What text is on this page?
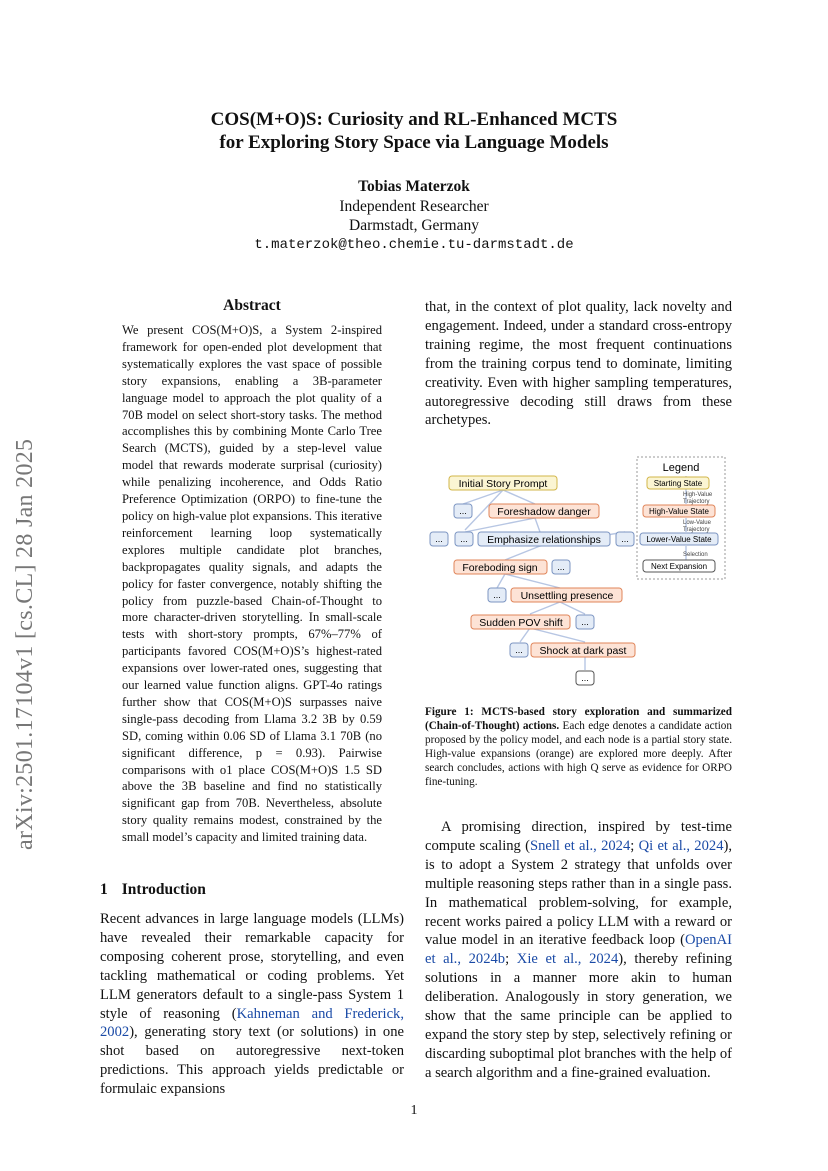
COS(M+O)S: Curiosity and RL-Enhanced MCTS
for Exploring Story Space via Language Models
Tobias Materzok
Independent Researcher
Darmstadt, Germany
t.materzok@theo.chemie.tu-darmstadt.de
arXiv:2501.17104v1 [cs.CL] 28 Jan 2025
Abstract
We present COS(M+O)S, a System 2-inspired framework for open-ended plot development that systematically explores the vast space of possible story expansions, enabling a 3B-parameter language model to approach the plot quality of a 70B model on select short-story tasks. The method accomplishes this by combining Monte Carlo Tree Search (MCTS), guided by a step-level value model that rewards moderate surprisal (curiosity) while penalizing incoherence, and Odds Ratio Preference Optimization (ORPO) to fine-tune the policy on high-value plot expansions. This iterative reinforcement learning loop systematically explores multiple candidate plot branches, backpropagates quality signals, and adapts the policy for faster convergence, notably shifting the policy from puzzle-based Chain-of-Thought to more character-driven storytelling. In small-scale tests with short-story prompts, 67%–77% of participants favored COS(M+O)S’s highest-rated expansions over lower-rated ones, suggesting that our learned value function aligns. GPT-4o ratings further show that COS(M+O)S surpasses naive single-pass decoding from Llama 3.2 3B by 0.59 SD, coming within 0.06 SD of Llama 3.1 70B (no significant difference, p = 0.93). Pairwise comparisons with o1 place COS(M+O)S 1.5 SD above the 3B baseline and find no statistically significant gap from 70B. Nevertheless, absolute story quality remains modest, constrained by the small model’s capacity and limited training data.
1 Introduction
Recent advances in large language models (LLMs) have revealed their remarkable capacity for composing coherent prose, storytelling, and even tackling mathematical or coding problems. Yet LLM generators default to a single-pass System 1 style of reasoning (Kahneman and Frederick, 2002), generating story text (or solutions) in one shot based on autoregressive next-token predictions. This approach yields predictable or formulaic expansions
that, in the context of plot quality, lack novelty and engagement. Indeed, under a standard cross-entropy training regime, the most frequent continuations from the training corpus tend to dominate, limiting creativity. Even with higher sampling temperatures, autoregressive decoding still draws from these archetypes.
Initial Story Prompt
...	Foreshadow danger
... ... Emphasize relationships ...
Foreboding sign ...
... Unsettling presence
Sudden POV shift ...
... Shock at dark past
...
Legend
Starting State
High-Value
Trajectory
High-Value State
Low-Value
Trajectory
Lower-Value State
Selection
Next Expansion
Figure 1: MCTS-based story exploration and summarized (Chain-of-Thought) actions. Each edge denotes a candidate action proposed by the policy model, and each node is a partial story state. High-value expansions (orange) are explored more deeply. After search concludes, actions with high Q serve as evidence for ORPO fine-tuning.
A promising direction, inspired by test-time compute scaling (Snell et al., 2024; Qi et al., 2024), is to adopt a System 2 strategy that unfolds over multiple reasoning steps rather than in a single pass. In mathematical problem-solving, for example, recent works paired a policy LLM with a reward or value model in an iterative feedback loop (OpenAI et al., 2024b; Xie et al., 2024), thereby refining solutions in a manner more akin to human deliberation. Analogously in story generation, we show that the same principle can be applied to expand the story step by step, selectively refining or discarding suboptimal plot branches with the help of a search algorithm and a fine-grained evaluation.
1
